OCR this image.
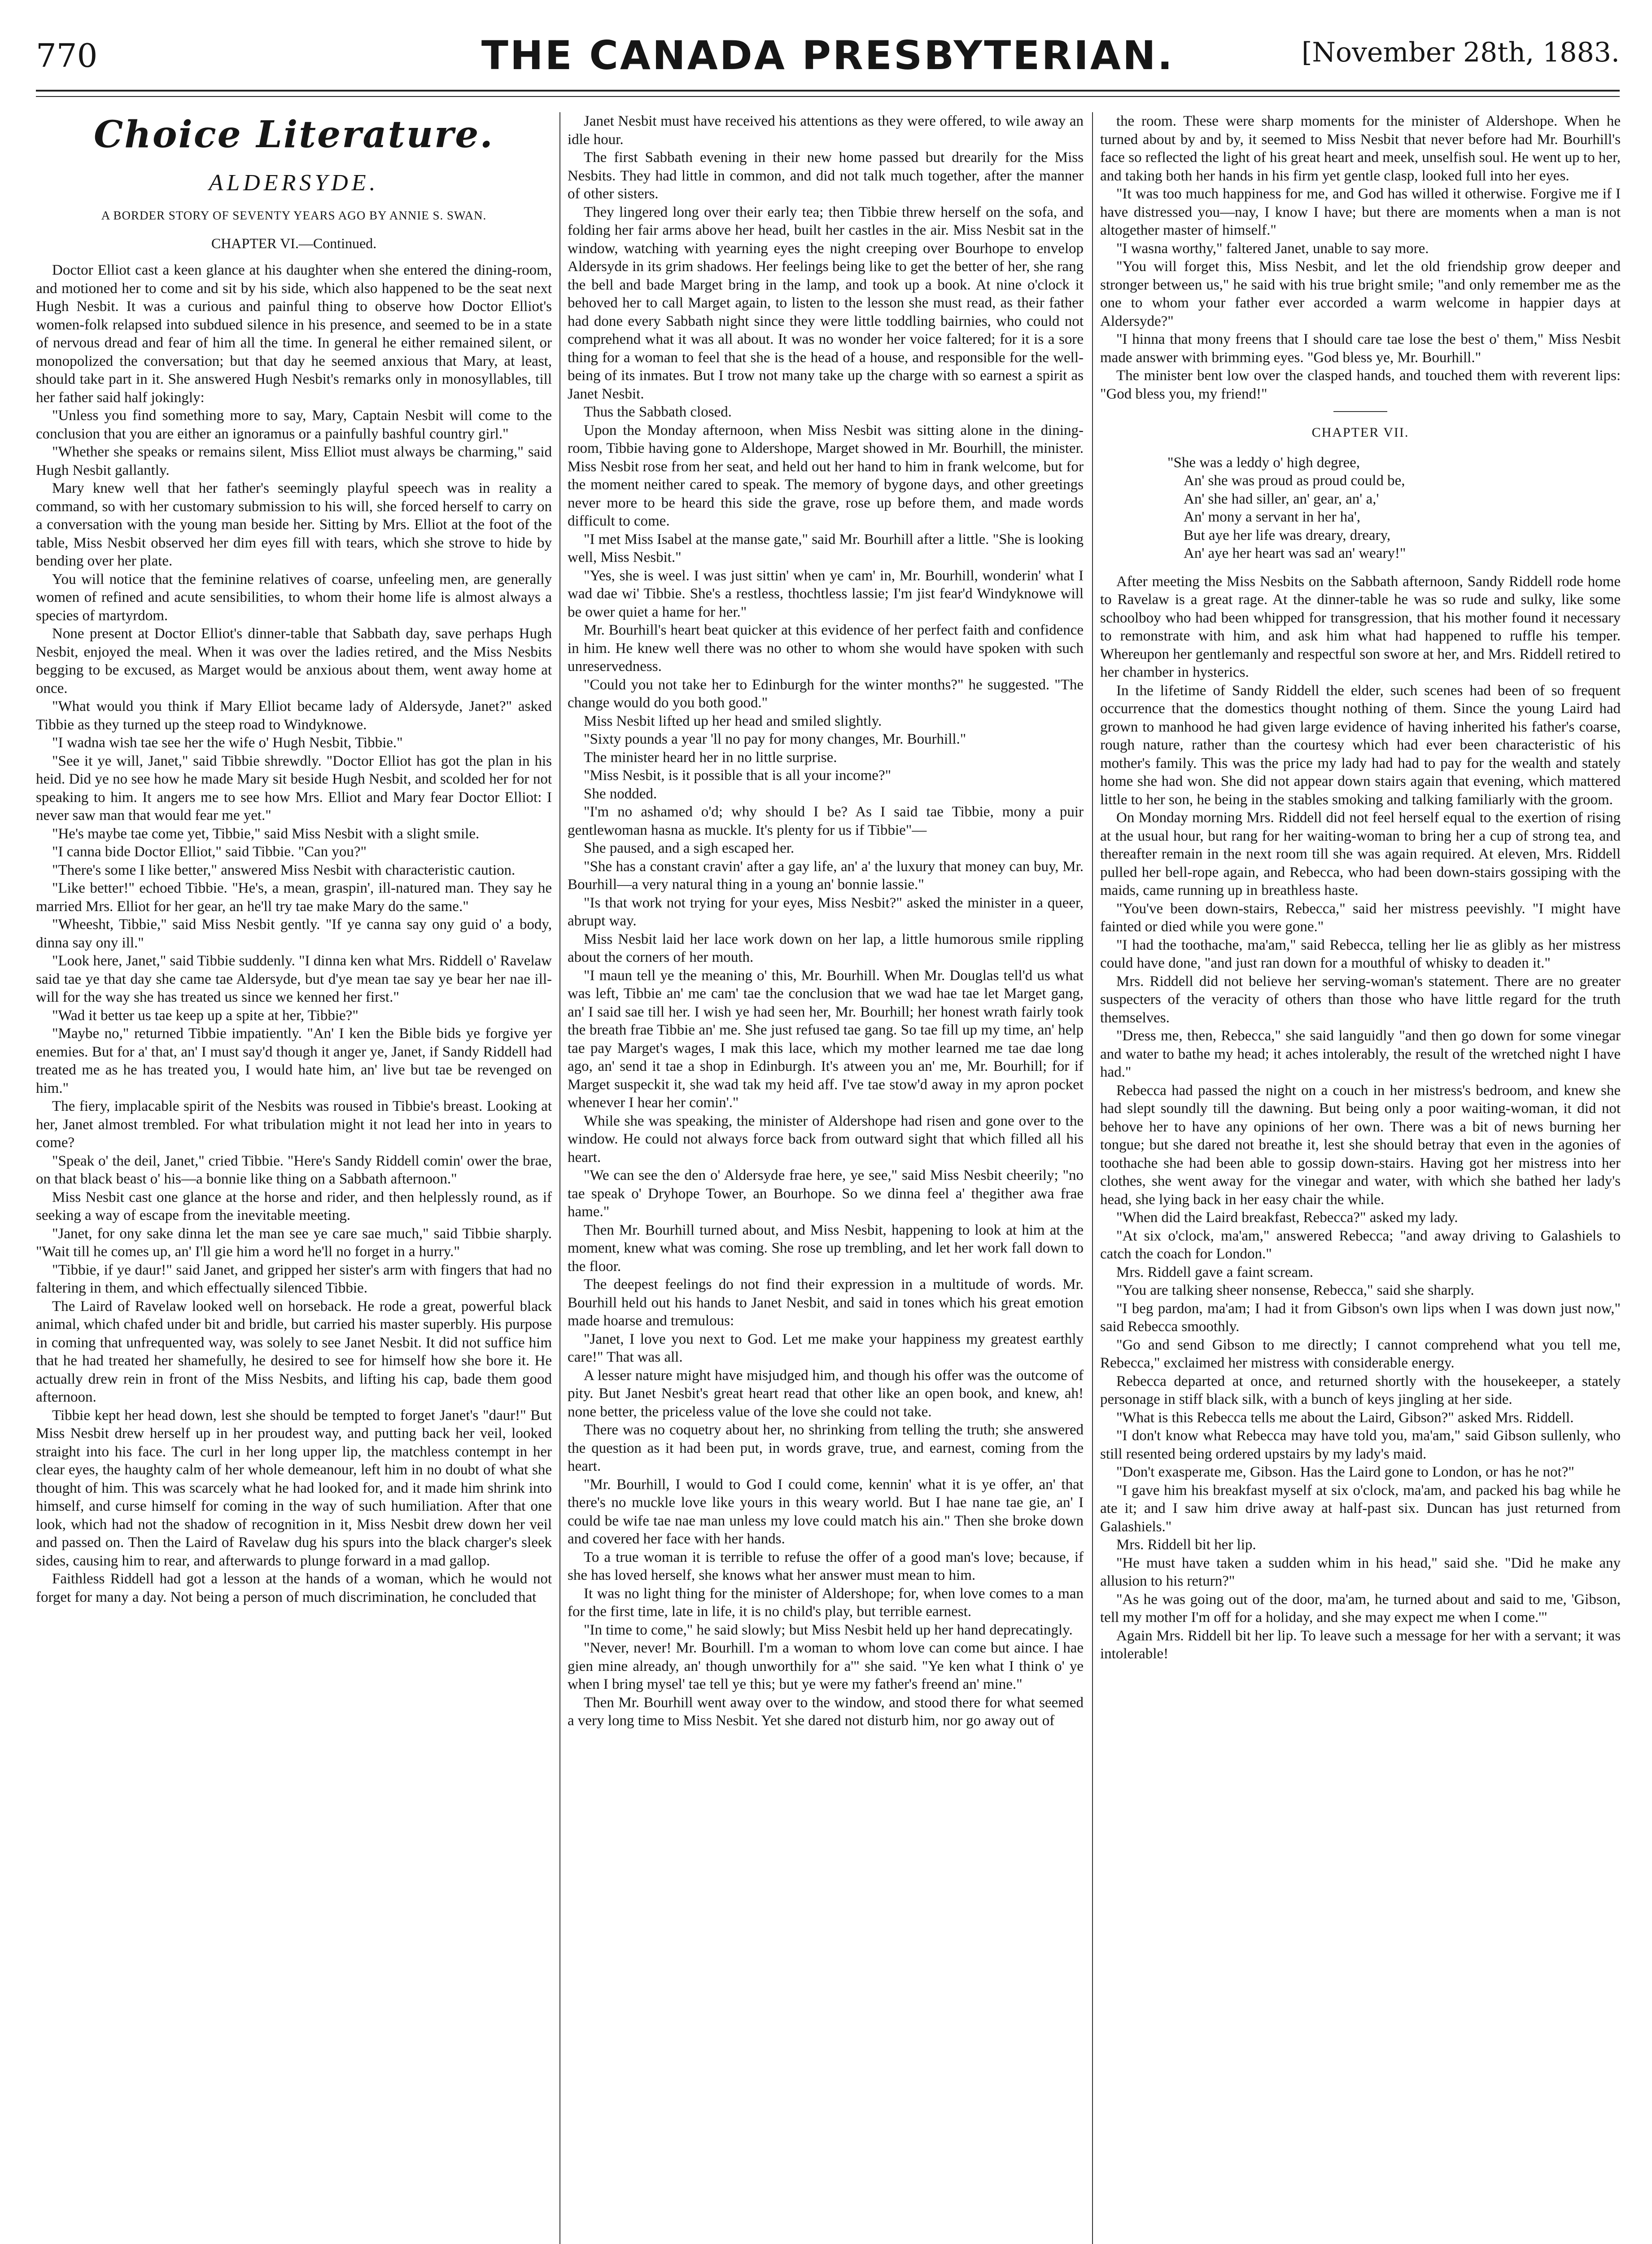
770	THE CANADA PRESBYTERIAN.	[November 28th, 1883.
Choice Literature.
ALDERSYDE.
A BORDER STORY OF SEVENTY YEARS AGO BY ANNIE S. SWAN.
CHAPTER VI.—Continued.

Doctor Elliot cast a keen glance at his daughter when she entered the dining-room, and motioned her to come and sit by his side, which also happened to be the seat next Hugh Nesbit. It was a curious and painful thing to observe how Doctor Elliot's women-folk relapsed into subdued silence in his presence, and seemed to be in a state of nervous dread and fear of him all the time. In general he either remained silent, or monopolized the conversation; but that day he seemed anxious that Mary, at least, should take part in it. She answered Hugh Nesbit's remarks only in monosyllables, till her father said half jokingly:

"Unless you find something more to say, Mary, Captain Nesbit will come to the conclusion that you are either an ignoramus or a painfully bashful country girl."

"Whether she speaks or remains silent, Miss Elliot must always be charming," said Hugh Nesbit gallantly.

Mary knew well that her father's seemingly playful speech was in reality a command, so with her customary submission to his will, she forced herself to carry on a conversation with the young man beside her. Sitting by Mrs. Elliot at the foot of the table, Miss Nesbit observed her dim eyes fill with tears, which she strove to hide by bending over her plate.

You will notice that the feminine relatives of coarse, unfeeling men, are generally women of refined and acute sensibilities, to whom their home life is almost always a species of martyrdom.

None present at Doctor Elliot's dinner-table that Sabbath day, save perhaps Hugh Nesbit, enjoyed the meal. When it was over the ladies retired, and the Miss Nesbits begging to be excused, as Marget would be anxious about them, went away home at once.

"What would you think if Mary Elliot became lady of Aldersyde, Janet?" asked Tibbie as they turned up the steep road to Windyknowe.

"I wadna wish tae see her the wife o' Hugh Nesbit, Tibbie."

"See it ye will, Janet," said Tibbie shrewdly. "Doctor Elliot has got the plan in his heid. Did ye no see how he made Mary sit beside Hugh Nesbit, and scolded her for not speaking to him. It angers me to see how Mrs. Elliot and Mary fear Doctor Elliot: I never saw man that would fear me yet."

"He's maybe tae come yet, Tibbie," said Miss Nesbit with a slight smile.

"I canna bide Doctor Elliot," said Tibbie. "Can you?"

"There's some I like better," answered Miss Nesbit with characteristic caution.

"Like better!" echoed Tibbie. "He's, a mean, graspin', ill-natured man. They say he married Mrs. Elliot for her gear, an he'll try tae make Mary do the same."

"Wheesht, Tibbie," said Miss Nesbit gently. "If ye canna say ony guid o' a body, dinna say ony ill."

"Look here, Janet," said Tibbie suddenly. "I dinna ken what Mrs. Riddell o' Ravelaw said tae ye that day she came tae Aldersyde, but d'ye mean tae say ye bear her nae ill-will for the way she has treated us since we kenned her first."

"Wad it better us tae keep up a spite at her, Tibbie?"

"Maybe no," returned Tibbie impatiently. "An' I ken the Bible bids ye forgive yer enemies. But for a' that, an' I must say'd though it anger ye, Janet, if Sandy Riddell had treated me as he has treated you, I would hate him, an' live but tae be revenged on him."

The fiery, implacable spirit of the Nesbits was roused in Tibbie's breast. Looking at her, Janet almost trembled. For what tribulation might it not lead her into in years to come?

"Speak o' the deil, Janet," cried Tibbie. "Here's Sandy Riddell comin' ower the brae, on that black beast o' his—a bonnie like thing on a Sabbath afternoon."

Miss Nesbit cast one glance at the horse and rider, and then helplessly round, as if seeking a way of escape from the inevitable meeting.

"Janet, for ony sake dinna let the man see ye care sae much," said Tibbie sharply. "Wait till he comes up, an' I'll gie him a word he'll no forget in a hurry."

"Tibbie, if ye daur!" said Janet, and gripped her sister's arm with fingers that had no faltering in them, and which effectually silenced Tibbie.

The Laird of Ravelaw looked well on horseback. He rode a great, powerful black animal, which chafed under bit and bridle, but carried his master superbly. His purpose in coming that unfrequented way, was solely to see Janet Nesbit. It did not suffice him that he had treated her shamefully, he desired to see for himself how she bore it. He actually drew rein in front of the Miss Nesbits, and lifting his cap, bade them good afternoon.

Tibbie kept her head down, lest she should be tempted to forget Janet's "daur!" But Miss Nesbit drew herself up in her proudest way, and putting back her veil, looked straight into his face. The curl in her long upper lip, the matchless contempt in her clear eyes, the haughty calm of her whole demeanour, left him in no doubt of what she thought of him. This was scarcely what he had looked for, and it made him shrink into himself, and curse himself for coming in the way of such humiliation. After that one look, which had not the shadow of recognition in it, Miss Nesbit drew down her veil and passed on. Then the Laird of Ravelaw dug his spurs into the black charger's sleek sides, causing him to rear, and afterwards to plunge forward in a mad gallop.

Faithless Riddell had got a lesson at the hands of a woman, which he would not forget for many a day. Not being a person of much discrimination, he concluded that

Janet Nesbit must have received his attentions as they were offered, to wile away an idle hour.

The first Sabbath evening in their new home passed but drearily for the Miss Nesbits. They had little in common, and did not talk much together, after the manner of other sisters.

They lingered long over their early tea; then Tibbie threw herself on the sofa, and folding her fair arms above her head, built her castles in the air. Miss Nesbit sat in the window, watching with yearning eyes the night creeping over Bourhope to envelop Aldersyde in its grim shadows. Her feelings being like to get the better of her, she rang the bell and bade Marget bring in the lamp, and took up a book. At nine o'clock it behoved her to call Marget again, to listen to the lesson she must read, as their father had done every Sabbath night since they were little toddling bairnies, who could not comprehend what it was all about. It was no wonder her voice faltered; for it is a sore thing for a woman to feel that she is the head of a house, and responsible for the well-being of its inmates. But I trow not many take up the charge with so earnest a spirit as Janet Nesbit.

Thus the Sabbath closed.

Upon the Monday afternoon, when Miss Nesbit was sitting alone in the dining-room, Tibbie having gone to Aldershope, Marget showed in Mr. Bourhill, the minister. Miss Nesbit rose from her seat, and held out her hand to him in frank welcome, but for the moment neither cared to speak. The memory of bygone days, and other greetings never more to be heard this side the grave, rose up before them, and made words difficult to come.

"I met Miss Isabel at the manse gate," said Mr. Bourhill after a little. "She is looking well, Miss Nesbit."

"Yes, she is weel. I was just sittin' when ye cam' in, Mr. Bourhill, wonderin' what I wad dae wi' Tibbie. She's a restless, thochtless lassie; I'm jist fear'd Windyknowe will be ower quiet a hame for her."

Mr. Bourhill's heart beat quicker at this evidence of her perfect faith and confidence in him. He knew well there was no other to whom she would have spoken with such unreservedness.

"Could you not take her to Edinburgh for the winter months?" he suggested. "The change would do you both good."

Miss Nesbit lifted up her head and smiled slightly.

"Sixty pounds a year 'll no pay for mony changes, Mr. Bourhill."

The minister heard her in no little surprise.

"Miss Nesbit, is it possible that is all your income?"

She nodded.

"I'm no ashamed o'd; why should I be? As I said tae Tibbie, mony a puir gentlewoman hasna as muckle. It's plenty for us if Tibbie"—

She paused, and a sigh escaped her.

"She has a constant cravin' after a gay life, an' a' the luxury that money can buy, Mr. Bourhill—a very natural thing in a young an' bonnie lassie."

"Is that work not trying for your eyes, Miss Nesbit?" asked the minister in a queer, abrupt way.

Miss Nesbit laid her lace work down on her lap, a little humorous smile rippling about the corners of her mouth.

"I maun tell ye the meaning o' this, Mr. Bourhill. When Mr. Douglas tell'd us what was left, Tibbie an' me cam' tae the conclusion that we wad hae tae let Marget gang, an' I said sae till her. I wish ye had seen her, Mr. Bourhill; her honest wrath fairly took the breath frae Tibbie an' me. She just refused tae gang. So tae fill up my time, an' help tae pay Marget's wages, I mak this lace, which my mother learned me tae dae long ago, an' send it tae a shop in Edinburgh. It's atween you an' me, Mr. Bourhill; for if Marget suspeckit it, she wad tak my heid aff. I've tae stow'd away in my apron pocket whenever I hear her comin'."

While she was speaking, the minister of Aldershope had risen and gone over to the window. He could not always force back from outward sight that which filled all his heart.

"We can see the den o' Aldersyde frae here, ye see," said Miss Nesbit cheerily; "no tae speak o' Dryhope Tower, an Bourhope. So we dinna feel a' thegither awa frae hame."

Then Mr. Bourhill turned about, and Miss Nesbit, happening to look at him at the moment, knew what was coming. She rose up trembling, and let her work fall down to the floor.

The deepest feelings do not find their expression in a multitude of words. Mr. Bourhill held out his hands to Janet Nesbit, and said in tones which his great emotion made hoarse and tremulous:

"Janet, I love you next to God. Let me make your happiness my greatest earthly care!" That was all.

A lesser nature might have misjudged him, and though his offer was the outcome of pity. But Janet Nesbit's great heart read that other like an open book, and knew, ah! none better, the priceless value of the love she could not take.

There was no coquetry about her, no shrinking from telling the truth; she answered the question as it had been put, in words grave, true, and earnest, coming from the heart.

"Mr. Bourhill, I would to God I could come, kennin' what it is ye offer, an' that there's no muckle love like yours in this weary world. But I hae nane tae gie, an' I could be wife tae nae man unless my love could match his ain." Then she broke down and covered her face with her hands.

To a true woman it is terrible to refuse the offer of a good man's love; because, if she has loved herself, she knows what her answer must mean to him.

It was no light thing for the minister of Aldershope; for, when love comes to a man for the first time, late in life, it is no child's play, but terrible earnest.

"In time to come," he said slowly; but Miss Nesbit held up her hand deprecatingly.

"Never, never! Mr. Bourhill. I'm a woman to whom love can come but aince. I hae gien mine already, an' though unworthily for a'" she said. "Ye ken what I think o' ye when I bring mysel' tae tell ye this; but ye were my father's freend an' mine."

Then Mr. Bourhill went away over to the window, and stood there for what seemed a very long time to Miss Nesbit. Yet she dared not disturb him, nor go away out of

the room. These were sharp moments for the minister of Aldershope. When he turned about by and by, it seemed to Miss Nesbit that never before had Mr. Bourhill's face so reflected the light of his great heart and meek, unselfish soul. He went up to her, and taking both her hands in his firm yet gentle clasp, looked full into her eyes.

"It was too much happiness for me, and God has willed it otherwise. Forgive me if I have distressed you—nay, I know I have; but there are moments when a man is not altogether master of himself."

"I wasna worthy," faltered Janet, unable to say more.

"You will forget this, Miss Nesbit, and let the old friendship grow deeper and stronger between us," he said with his true bright smile; "and only remember me as the one to whom your father ever accorded a warm welcome in happier days at Aldersyde?"

"I hinna that mony freens that I should care tae lose the best o' them," Miss Nesbit made answer with brimming eyes. "God bless ye, Mr. Bourhill."

The minister bent low over the clasped hands, and touched them with reverent lips: "God bless you, my friend!"

CHAPTER VII.
"She was a leddy o' high degree,
An' she was proud as proud could be,
An' she had siller, an' gear, an' a,'
An' mony a servant in her ha',
But aye her life was dreary, dreary,
An' aye her heart was sad an' weary!"

After meeting the Miss Nesbits on the Sabbath afternoon, Sandy Riddell rode home to Ravelaw is a great rage. At the dinner-table he was so rude and sulky, like some schoolboy who had been whipped for transgression, that his mother found it necessary to remonstrate with him, and ask him what had happened to ruffle his temper. Whereupon her gentlemanly and respectful son swore at her, and Mrs. Riddell retired to her chamber in hysterics.

In the lifetime of Sandy Riddell the elder, such scenes had been of so frequent occurrence that the domestics thought nothing of them. Since the young Laird had grown to manhood he had given large evidence of having inherited his father's coarse, rough nature, rather than the courtesy which had ever been characteristic of his mother's family. This was the price my lady had had to pay for the wealth and stately home she had won. She did not appear down stairs again that evening, which mattered little to her son, he being in the stables smoking and talking familiarly with the groom.

On Monday morning Mrs. Riddell did not feel herself equal to the exertion of rising at the usual hour, but rang for her waiting-woman to bring her a cup of strong tea, and thereafter remain in the next room till she was again required. At eleven, Mrs. Riddell pulled her bell-rope again, and Rebecca, who had been down-stairs gossiping with the maids, came running up in breathless haste.

"You've been down-stairs, Rebecca," said her mistress peevishly. "I might have fainted or died while you were gone."

"I had the toothache, ma'am," said Rebecca, telling her lie as glibly as her mistress could have done, "and just ran down for a mouthful of whisky to deaden it."

Mrs. Riddell did not believe her serving-woman's statement. There are no greater suspecters of the veracity of others than those who have little regard for the truth themselves.

"Dress me, then, Rebecca," she said languidly "and then go down for some vinegar and water to bathe my head; it aches intolerably, the result of the wretched night I have had."

Rebecca had passed the night on a couch in her mistress's bedroom, and knew she had slept soundly till the dawning. But being only a poor waiting-woman, it did not behove her to have any opinions of her own. There was a bit of news burning her tongue; but she dared not breathe it, lest she should betray that even in the agonies of toothache she had been able to gossip down-stairs. Having got her mistress into her clothes, she went away for the vinegar and water, with which she bathed her lady's head, she lying back in her easy chair the while.

"When did the Laird breakfast, Rebecca?" asked my lady.

"At six o'clock, ma'am," answered Rebecca; "and away driving to Galashiels to catch the coach for London."

Mrs. Riddell gave a faint scream.

"You are talking sheer nonsense, Rebecca," said she sharply.

"I beg pardon, ma'am; I had it from Gibson's own lips when I was down just now," said Rebecca smoothly.

"Go and send Gibson to me directly; I cannot comprehend what you tell me, Rebecca," exclaimed her mistress with considerable energy.

Rebecca departed at once, and returned shortly with the housekeeper, a stately personage in stiff black silk, with a bunch of keys jingling at her side.

"What is this Rebecca tells me about the Laird, Gibson?" asked Mrs. Riddell.

"I don't know what Rebecca may have told you, ma'am," said Gibson sullenly, who still resented being ordered upstairs by my lady's maid.

"Don't exasperate me, Gibson. Has the Laird gone to London, or has he not?"

"I gave him his breakfast myself at six o'clock, ma'am, and packed his bag while he ate it; and I saw him drive away at half-past six. Duncan has just returned from Galashiels."

Mrs. Riddell bit her lip.

"He must have taken a sudden whim in his head," said she. "Did he make any allusion to his return?"

"As he was going out of the door, ma'am, he turned about and said to me, 'Gibson, tell my mother I'm off for a holiday, and she may expect me when I come.'"

Again Mrs. Riddell bit her lip. To leave such a message for her with a servant; it was intolerable!
